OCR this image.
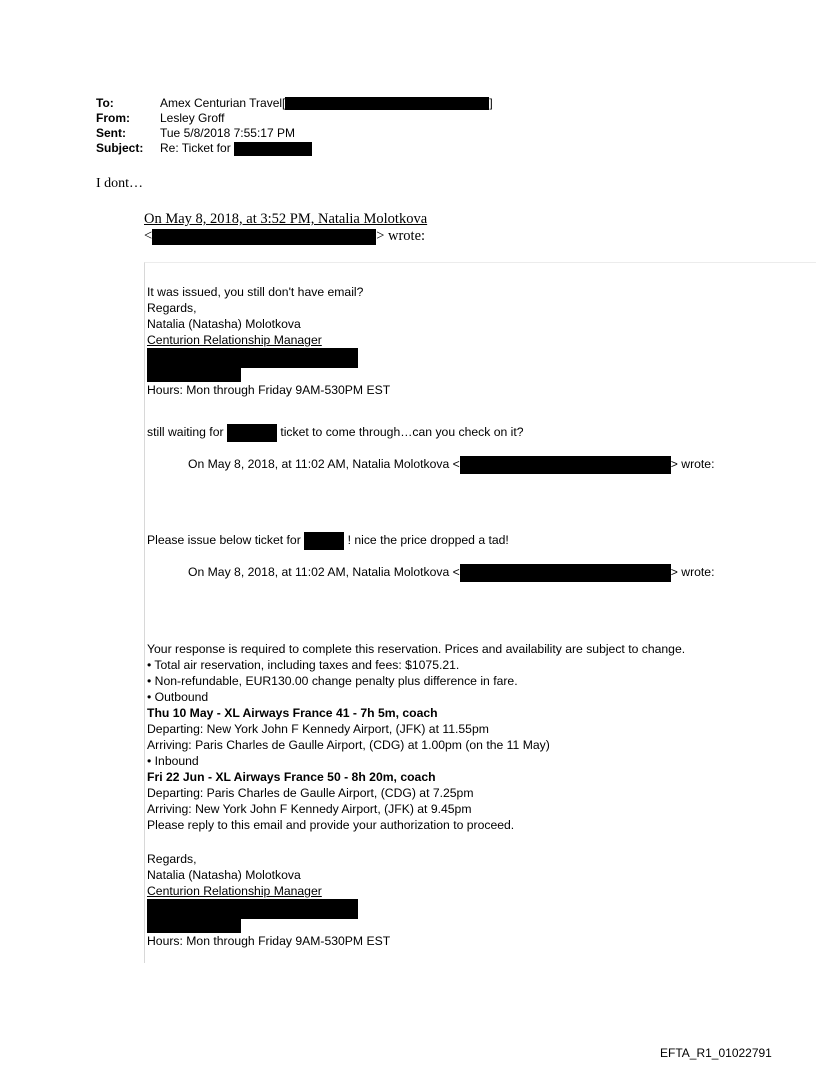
To:	Amex Centurian Travel[	]
From:	Lesley Groff
Sent:	Tue 5/8/2018 7:55:17 PM
Subject: Re: Ticket for
I dont…
On May 8, 2018, at 3:52 PM, Natalia Molotkova
<	> wrote:
It was issued, you still don't have email?
Regards,
Natalia (Natasha) Molotkova
Centurion Relationship Manager
Hours: Mon through Friday 9AM-530PM EST
still waiting for	ticket to come through…can you check on it?
On May 8, 2018, at 11:02 AM, Natalia Molotkova <	> wrote:
Please issue below ticket for	! nice the price dropped a tad!
On May 8, 2018, at 11:02 AM, Natalia Molotkova <	> wrote:
Your response is required to complete this reservation. Prices and availability are subject to change.
• Total air reservation, including taxes and fees: $1075.21.
• Non-refundable, EUR130.00 change penalty plus difference in fare.
• Outbound
Thu 10 May - XL Airways France 41 - 7h 5m, coach
Departing: New York John F Kennedy Airport, (JFK) at 11.55pm
Arriving: Paris Charles de Gaulle Airport, (CDG) at 1.00pm (on the 11 May)
• Inbound
Fri 22 Jun - XL Airways France 50 - 8h 20m, coach
Departing: Paris Charles de Gaulle Airport, (CDG) at 7.25pm
Arriving: New York John F Kennedy Airport, (JFK) at 9.45pm
Please reply to this email and provide your authorization to proceed.
Regards,
Natalia (Natasha) Molotkova
Centurion Relationship Manager
Hours: Mon through Friday 9AM-530PM EST
EFTA_R1_01022791
